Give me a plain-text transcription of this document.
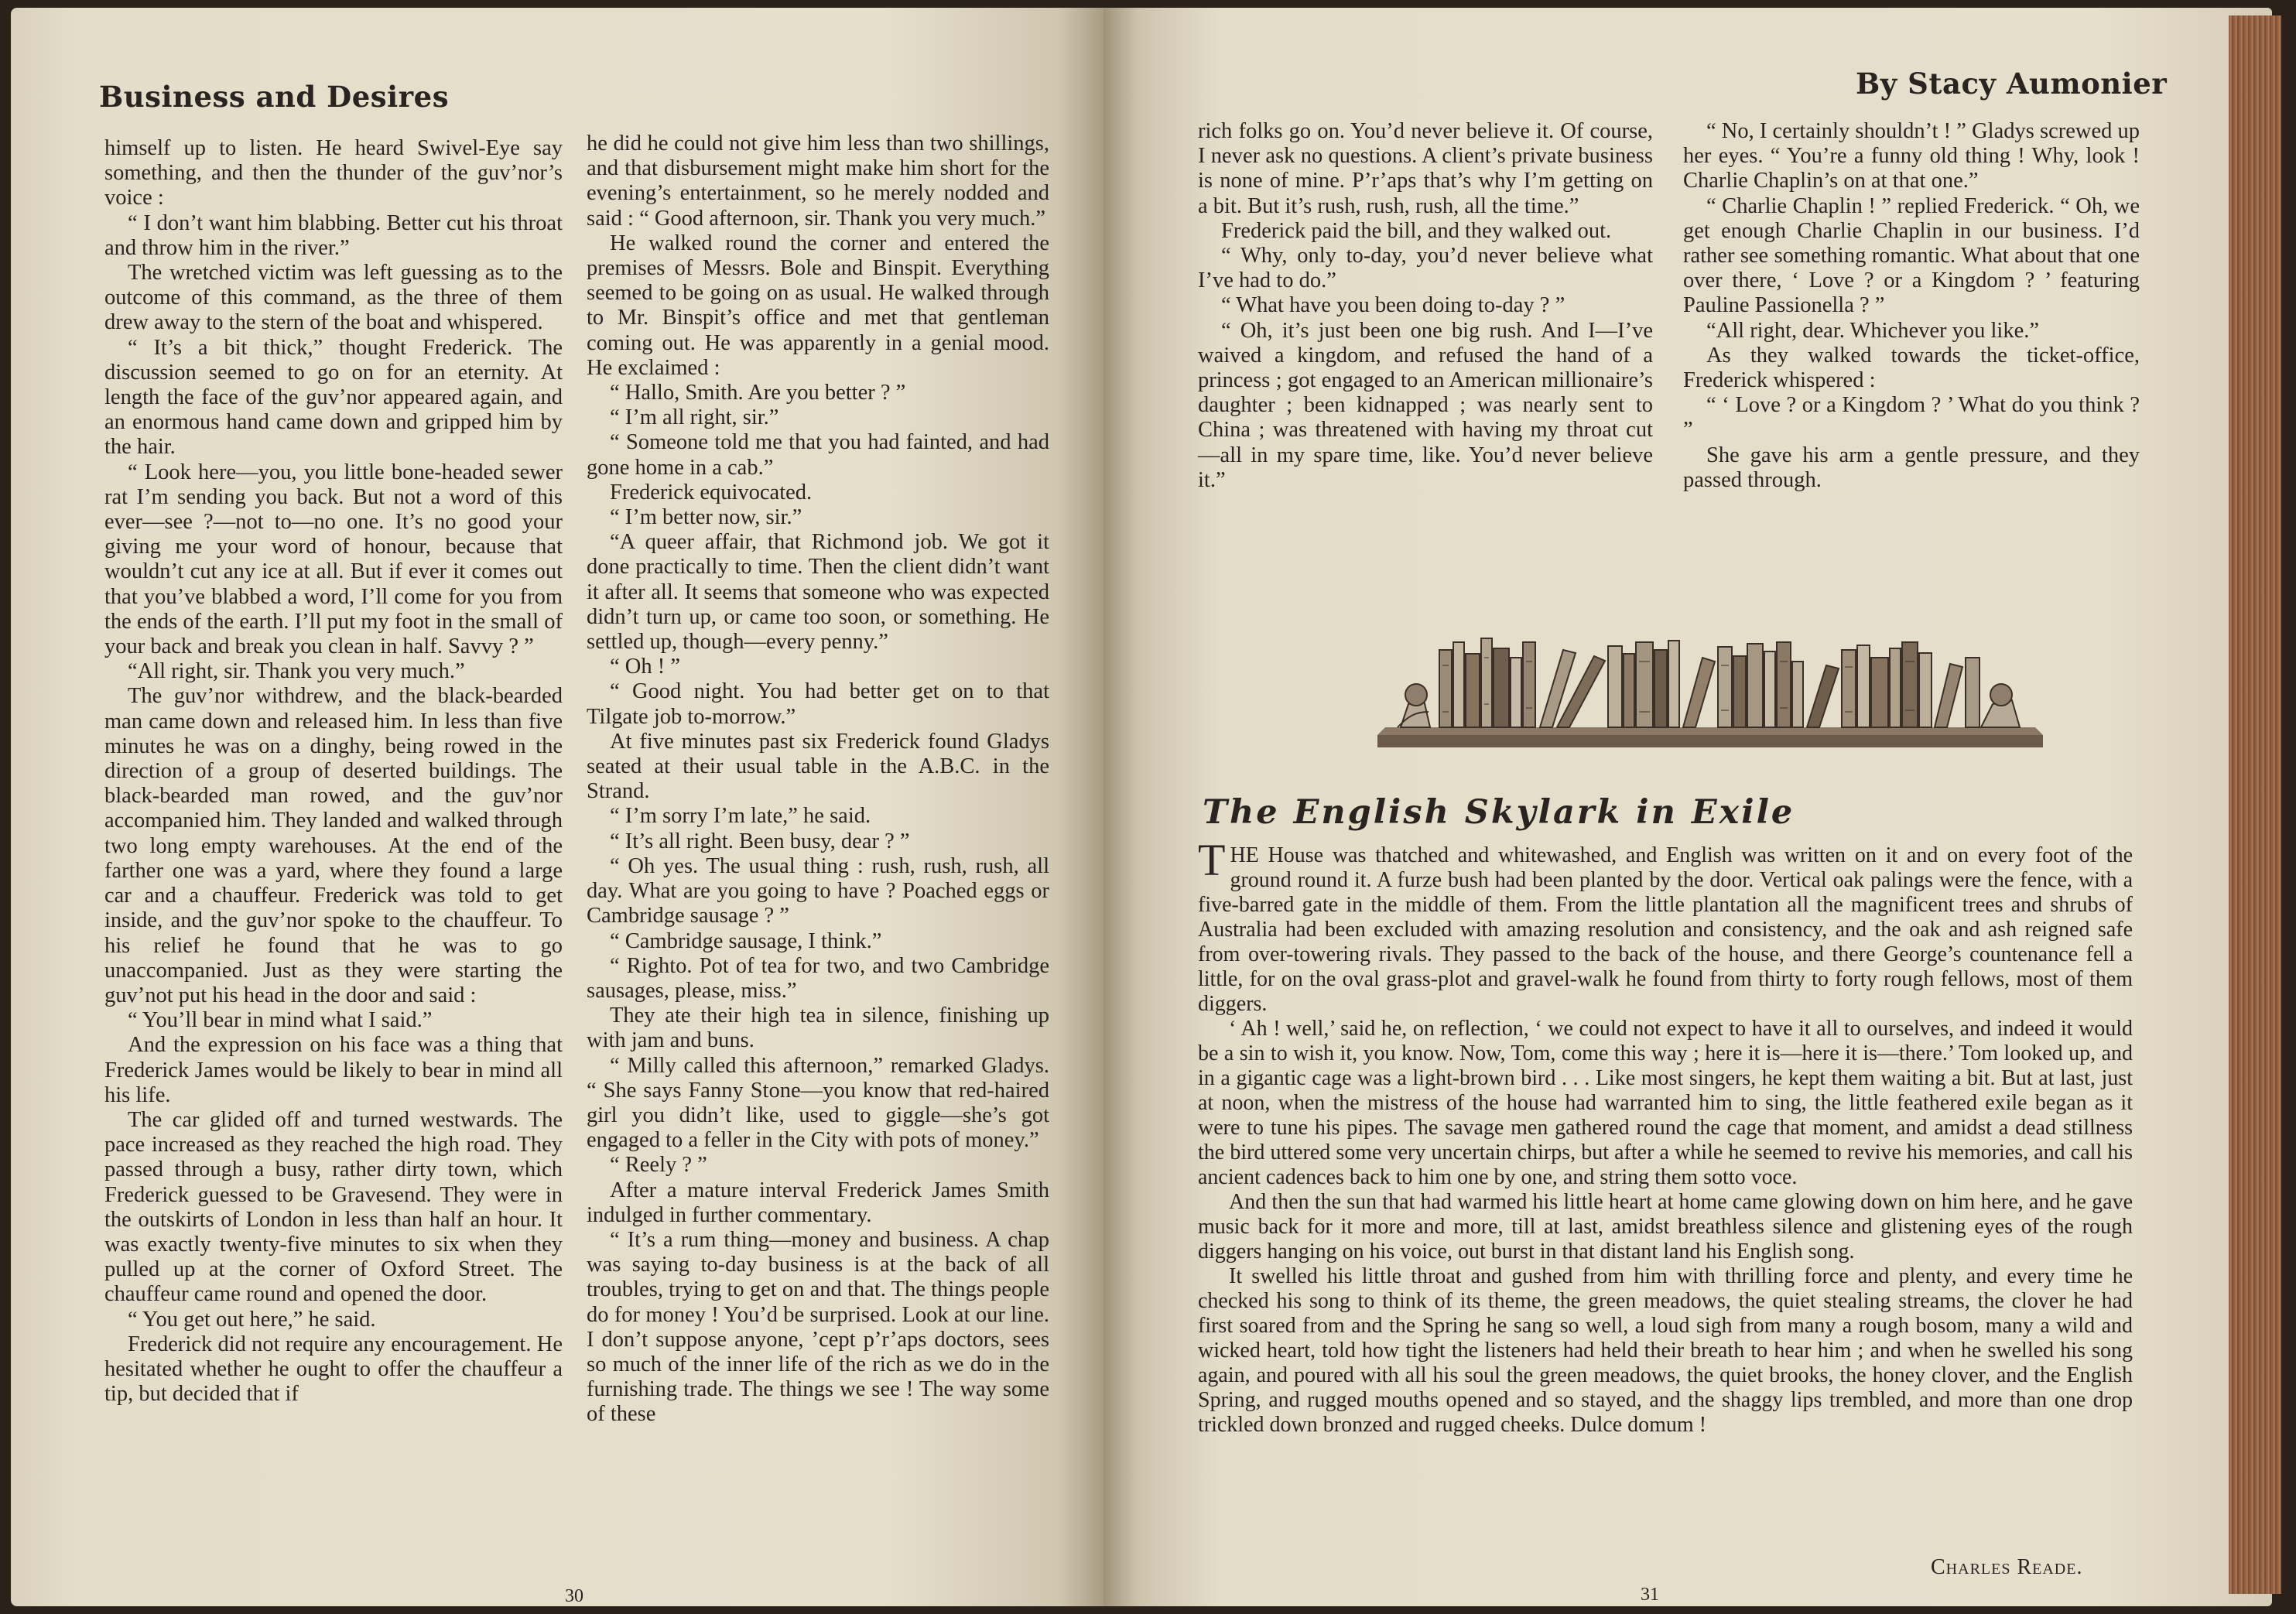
Business and Desires

himself up to listen. He heard Swivel-Eye say something, and then the thunder of the guv’nor’s voice :

“ I don’t want him blabbing. Better cut his throat and throw him in the river.”

The wretched victim was left guessing as to the outcome of this command, as the three of them drew away to the stern of the boat and whispered.

“ It’s a bit thick,” thought Frederick. The discussion seemed to go on for an eternity. At length the face of the guv’nor appeared again, and an enormous hand came down and gripped him by the hair.

“ Look here—you, you little bone-headed sewer rat I’m sending you back. But not a word of this ever—see ?—not to—no one. It’s no good your giving me your word of honour, because that wouldn’t cut any ice at all. But if ever it comes out that you’ve blabbed a word, I’ll come for you from the ends of the earth. I’ll put my foot in the small of your back and break you clean in half. Savvy ? ”

“All right, sir. Thank you very much.”

The guv’nor withdrew, and the black-bearded man came down and released him. In less than five minutes he was on a dinghy, being rowed in the direction of a group of deserted buildings. The black-bearded man rowed, and the guv’nor accompanied him. They landed and walked through two long empty warehouses. At the end of the farther one was a yard, where they found a large car and a chauffeur. Frederick was told to get inside, and the guv’nor spoke to the chauffeur. To his relief he found that he was to go unaccompanied. Just as they were starting the guv’not put his head in the door and said :

“ You’ll bear in mind what I said.”

And the expression on his face was a thing that Frederick James would be likely to bear in mind all his life.

The car glided off and turned westwards. The pace increased as they reached the high road. They passed through a busy, rather dirty town, which Frederick guessed to be Gravesend. They were in the outskirts of London in less than half an hour. It was exactly twenty-five minutes to six when they pulled up at the corner of Oxford Street. The chauffeur came round and opened the door.

“ You get out here,” he said.

Frederick did not require any encouragement. He hesitated whether he ought to offer the chauffeur a tip, but decided that if

he did he could not give him less than two shillings, and that disbursement might make him short for the evening’s entertainment, so he merely nodded and said : “ Good afternoon, sir. Thank you very much.”

He walked round the corner and entered the premises of Messrs. Bole and Binspit. Everything seemed to be going on as usual. He walked through to Mr. Binspit’s office and met that gentleman coming out. He was apparently in a genial mood. He exclaimed :

“ Hallo, Smith. Are you better ? ”

“ I’m all right, sir.”

“ Someone told me that you had fainted, and had gone home in a cab.”

Frederick equivocated.

“ I’m better now, sir.”

“A queer affair, that Richmond job. We got it done practically to time. Then the client didn’t want it after all. It seems that someone who was expected didn’t turn up, or came too soon, or something. He settled up, though—every penny.”

“ Oh ! ”

“ Good night. You had better get on to that Tilgate job to-morrow.”

At five minutes past six Frederick found Gladys seated at their usual table in the A.B.C. in the Strand.

“ I’m sorry I’m late,” he said.

“ It’s all right. Been busy, dear ? ”

“ Oh yes. The usual thing : rush, rush, rush, all day. What are you going to have ? Poached eggs or Cambridge sausage ? ”

“ Cambridge sausage, I think.”

“ Righto. Pot of tea for two, and two Cambridge sausages, please, miss.”

They ate their high tea in silence, finishing up with jam and buns.

“ Milly called this afternoon,” remarked Gladys. “ She says Fanny Stone—you know that red-haired girl you didn’t like, used to giggle—she’s got engaged to a feller in the City with pots of money.”

“ Reely ? ”

After a mature interval Frederick James Smith indulged in further commentary.

“ It’s a rum thing—money and business. A chap was saying to-day business is at the back of all troubles, trying to get on and that. The things people do for money ! You’d be surprised. Look at our line. I don’t suppose anyone, ’cept p’r’aps doctors, sees so much of the inner life of the rich as we do in the furnishing trade. The things we see ! The way some of these

30
By Stacy Aumonier

rich folks go on. You’d never believe it. Of course, I never ask no questions. A client’s private business is none of mine. P’r’aps that’s why I’m getting on a bit. But it’s rush, rush, rush, all the time.”

Frederick paid the bill, and they walked out.

“ Why, only to-day, you’d never believe what I’ve had to do.”

“ What have you been doing to-day ? ”

“ Oh, it’s just been one big rush. And I—I’ve waived a kingdom, and refused the hand of a princess ; got engaged to an American millionaire’s daughter ; been kidnapped ; was nearly sent to China ; was threatened with having my throat cut —all in my spare time, like. You’d never believe it.”

“ No, I certainly shouldn’t ! ” Gladys screwed up her eyes. “ You’re a funny old thing ! Why, look ! Charlie Chaplin’s on at that one.”

“ Charlie Chaplin ! ” replied Frederick. “ Oh, we get enough Charlie Chaplin in our business. I’d rather see something romantic. What about that one over there, ‘ Love ? or a Kingdom ? ’ featuring Pauline Passionella ? ”

“All right, dear. Whichever you like.”

As they walked towards the ticket-office, Frederick whispered :

“ ‘ Love ? or a Kingdom ? ’ What do you think ? ”

She gave his arm a gentle pressure, and they passed through.

The English Skylark in Exile

THE House was thatched and whitewashed, and English was written on it and on every foot of the ground round it. A furze bush had been planted by the door. Vertical oak palings were the fence, with a five-barred gate in the middle of them. From the little plantation all the magnificent trees and shrubs of Australia had been excluded with amazing resolution and consistency, and the oak and ash reigned safe from over-towering rivals. They passed to the back of the house, and there George’s countenance fell a little, for on the oval grass-plot and gravel-walk he found from thirty to forty rough fellows, most of them diggers.

‘ Ah ! well,’ said he, on reflection, ‘ we could not expect to have it all to ourselves, and indeed it would be a sin to wish it, you know. Now, Tom, come this way ; here it is—here it is—there.’ Tom looked up, and in a gigantic cage was a light-brown bird . . . Like most singers, he kept them waiting a bit. But at last, just at noon, when the mistress of the house had warranted him to sing, the little feathered exile began as it were to tune his pipes. The savage men gathered round the cage that moment, and amidst a dead stillness the bird uttered some very uncertain chirps, but after a while he seemed to revive his memories, and call his ancient cadences back to him one by one, and string them sotto voce.

And then the sun that had warmed his little heart at home came glowing down on him here, and he gave music back for it more and more, till at last, amidst breathless silence and glistening eyes of the rough diggers hanging on his voice, out burst in that distant land his English song.

It swelled his little throat and gushed from him with thrilling force and plenty, and every time he checked his song to think of its theme, the green meadows, the quiet stealing streams, the clover he had first soared from and the Spring he sang so well, a loud sigh from many a rough bosom, many a wild and wicked heart, told how tight the listeners had held their breath to hear him ; and when he swelled his song again, and poured with all his soul the green meadows, the quiet brooks, the honey clover, and the English Spring, and rugged mouths opened and so stayed, and the shaggy lips trembled, and more than one drop trickled down bronzed and rugged cheeks. Dulce domum !

Charles Reade.
31
